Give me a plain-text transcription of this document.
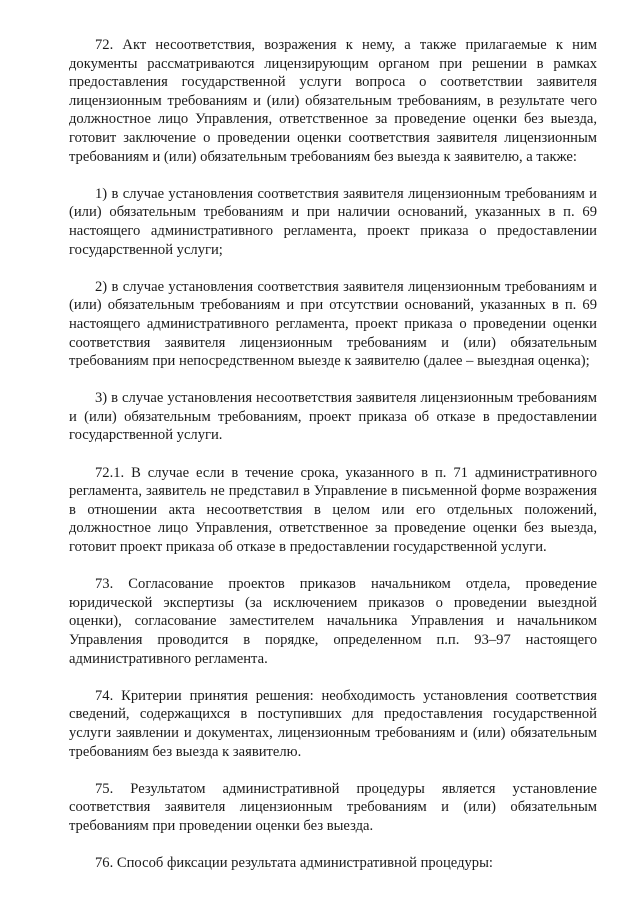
72. Акт несоответствия, возражения к нему, а также прилагаемые к ним документы рассматриваются лицензирующим органом при решении в рамках предоставления государственной услуги вопроса о соответствии заявителя лицензионным требованиям и (или) обязательным требованиям, в результате чего должностное лицо Управления, ответственное за проведение оценки без выезда, готовит заключение о проведении оценки соответствия заявителя лицензионным требованиям и (или) обязательным требованиям без выезда к заявителю, а также:

1) в случае установления соответствия заявителя лицензионным требованиям и (или) обязательным требованиям и при наличии оснований, указанных в п. 69 настоящего административного регламента, проект приказа о предоставлении государственной услуги;

2) в случае установления соответствия заявителя лицензионным требованиям и (или) обязательным требованиям и при отсутствии оснований, указанных в п. 69 настоящего административного регламента, проект приказа о проведении оценки соответствия заявителя лицензионным требованиям и (или) обязательным требованиям при непосредственном выезде к заявителю (далее – выездная оценка);

3) в случае установления несоответствия заявителя лицензионным требованиям и (или) обязательным требованиям, проект приказа об отказе в предоставлении государственной услуги.

72.1. В случае если в течение срока, указанного в п. 71 административного регламента, заявитель не представил в Управление в письменной форме возражения в отношении акта несоответствия в целом или его отдельных положений, должностное лицо Управления, ответственное за проведение оценки без выезда, готовит проект приказа об отказе в предоставлении государственной услуги.

73. Согласование проектов приказов начальником отдела, проведение юридической экспертизы (за исключением приказов о проведении выездной оценки), согласование заместителем начальника Управления и начальником Управления проводится в порядке, определенном п.п. 93–97 настоящего административного регламента.

74. Критерии принятия решения: необходимость установления соответствия сведений, содержащихся в поступивших для предоставления государственной услуги заявлении и документах, лицензионным требованиям и (или) обязательным требованиям без выезда к заявителю.

75. Результатом административной процедуры является установление соответствия заявителя лицензионным требованиям и (или) обязательным требованиям при проведении оценки без выезда.

76. Способ фиксации результата административной процедуры:
